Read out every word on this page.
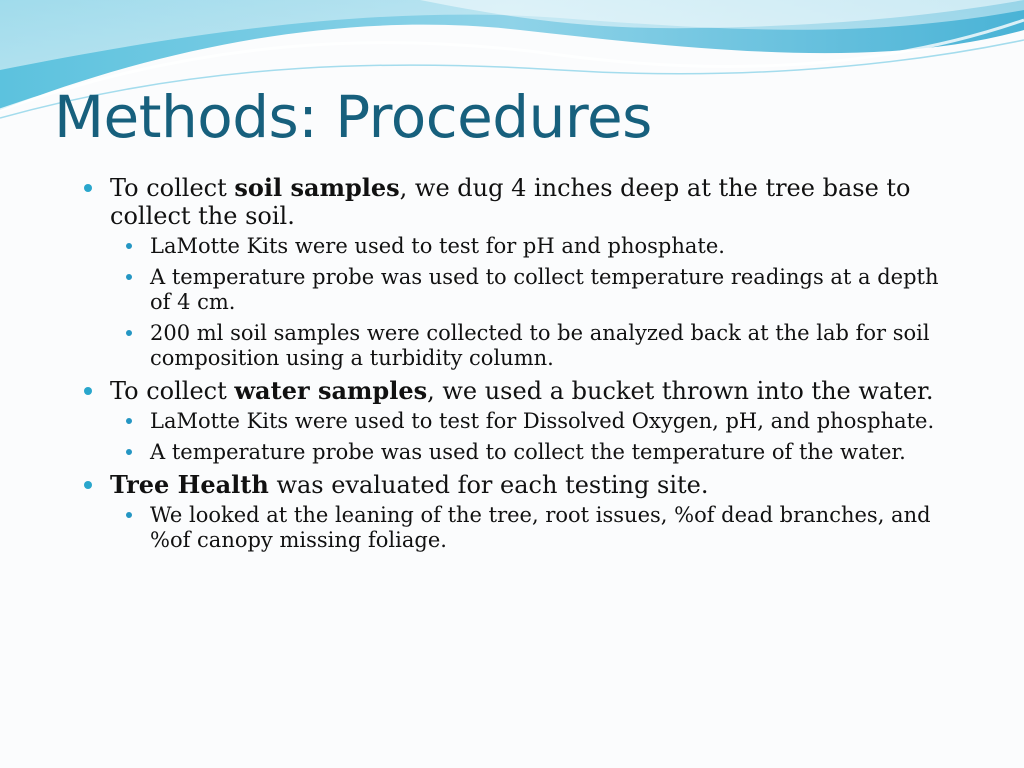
Methods: Procedures
To collect soil samples, we dug 4 inches deep at the tree base to collect the soil.
LaMotte Kits were used to test for pH and phosphate.
A temperature probe was used to collect temperature readings at a depth of 4 cm.
200 ml soil samples were collected to be analyzed back at the lab for soil composition using a turbidity column.
To collect water samples, we used a bucket thrown into the water.
LaMotte Kits were used to test for Dissolved Oxygen, pH, and phosphate.
A temperature probe was used to collect the temperature of the water.
Tree Health was evaluated for each testing site.
We looked at the leaning of the tree, root issues, %of dead branches, and %of canopy missing foliage.
